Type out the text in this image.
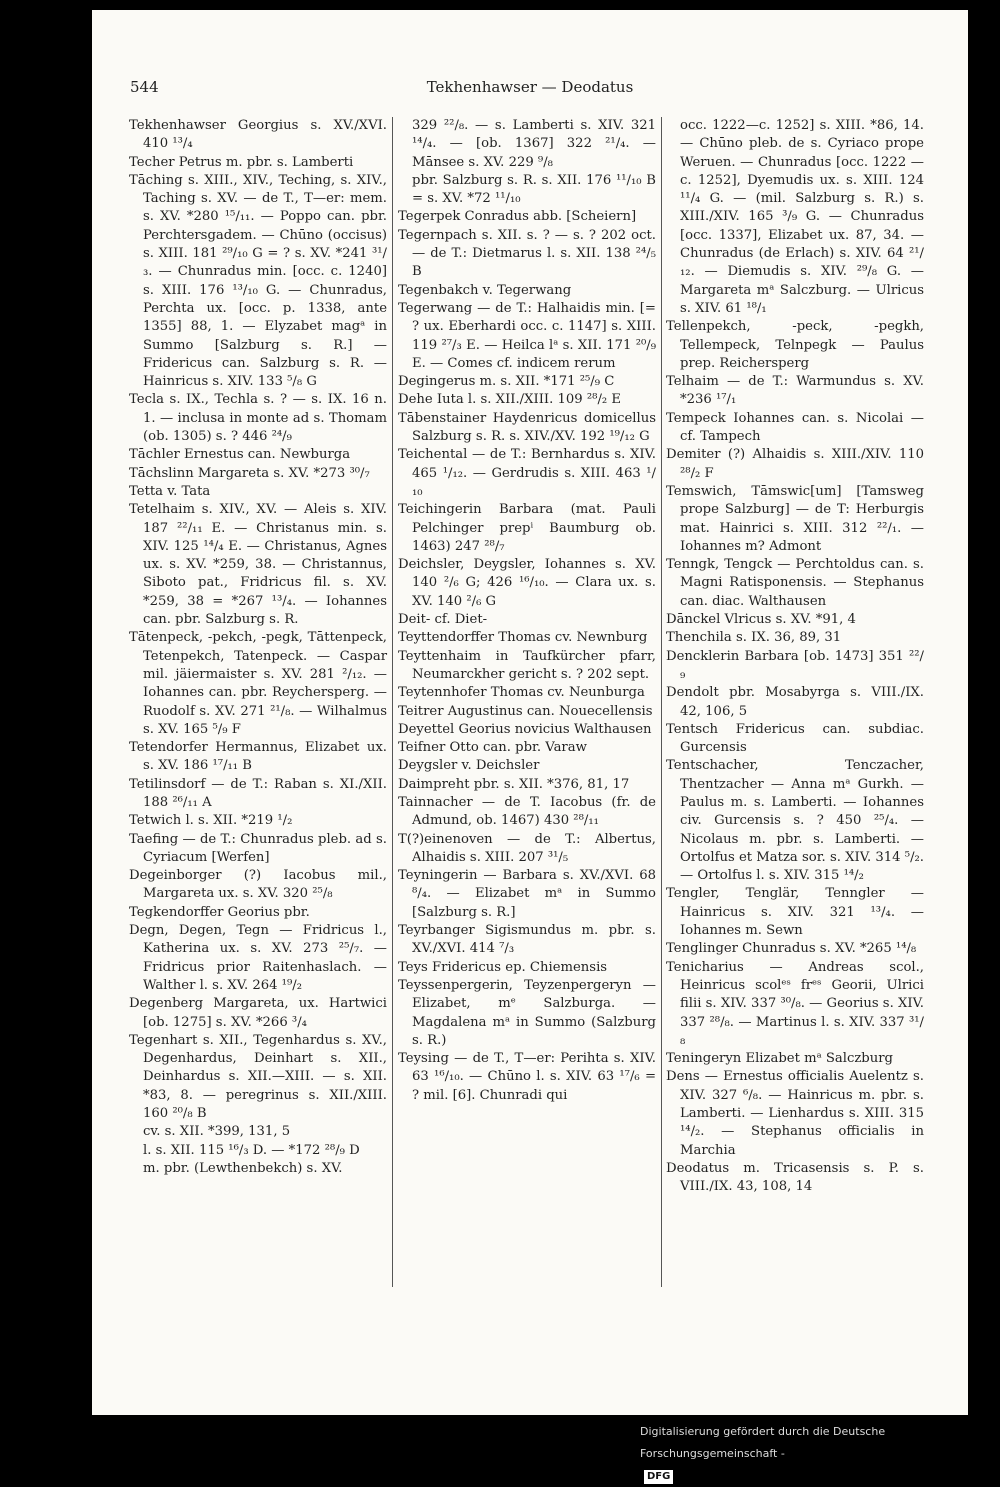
544	Tekhenhawser — Deodatus

Tekhenhawser Georgius s. XV./XVI. 410 ¹³/₄

Techer Petrus m. pbr. s. Lamberti

Tāching s. XIII., XIV., Teching, s. XIV., Taching s. XV. — de T., T—er: mem. s. XV. *280 ¹⁵/₁₁. — Poppo can. pbr. Perchtersgadem. — Chūno (occisus) s. XIII. 181 ²⁹/₁₀ G = ? s. XV. *241 ³¹/₃. — Chunradus min. [occ. c. 1240] s. XIII. 176 ¹³/₁₀ G. — Chunradus, Perchta ux. [occ. p. 1338, ante 1355] 88, 1. — Elyzabet magᵃ in Summo [Salzburg s. R.] — Fridericus can. Salzburg s. R. — Hainricus s. XIV. 133 ⁵/₈ G

Tecla s. IX., Techla s. ? — s. IX. 16 n. 1. — inclusa in monte ad s. Thomam (ob. 1305) s. ? 446 ²⁴/₉

Tāchler Ernestus can. Newburga

Tāchslinn Margareta s. XV. *273 ³⁰/₇

Tetta v. Tata

Tetelhaim s. XIV., XV. — Aleis s. XIV. 187 ²²/₁₁ E. — Christanus min. s. XIV. 125 ¹⁴/₄ E. — Christanus, Agnes ux. s. XV. *259, 38. — Christannus, Siboto pat., Fridricus fil. s. XV. *259, 38 = *267 ¹³/₄. — Iohannes can. pbr. Salzburg s. R.

Tātenpeck, -pekch, -pegk, Tāttenpeck, Tetenpekch, Tatenpeck. — Caspar mil. jäiermaister s. XV. 281 ²/₁₂. — Iohannes can. pbr. Reychersperg. — Ruodolf s. XV. 271 ²¹/₈. — Wilhalmus s. XV. 165 ⁵/₉ F

Tetendorfer Hermannus, Elizabet ux. s. XV. 186 ¹⁷/₁₁ B

Tetilinsdorf — de T.: Raban s. XI./XII. 188 ²⁶/₁₁ A

Tetwich l. s. XII. *219 ¹/₂

Taefing — de T.: Chunradus pleb. ad s. Cyriacum [Werfen]

Degeinborger (?) Iacobus mil., Margareta ux. s. XV. 320 ²⁵/₈

Tegkendorffer Georius pbr.

Degn, Degen, Tegn — Fridricus l., Katherina ux. s. XV. 273 ²⁵/₇. — Fridricus prior Raitenhaslach. — Walther l. s. XV. 264 ¹⁹/₂

Degenberg Margareta, ux. Hartwici [ob. 1275] s. XV. *266 ³/₄

Tegenhart s. XII., Tegenhardus s. XV., Degenhardus, Deinhart s. XII., Deinhardus s. XII.—XIII. — s. XII. *83, 8. — peregrinus s. XII./XIII. 160 ²⁰/₈ B

cv. s. XII. *399, 131, 5

l. s. XII. 115 ¹⁶/₃ D. — *172 ²⁸/₉ D

m. pbr. (Lewthenbekch) s. XV.

329 ²²/₈. — s. Lamberti s. XIV. 321 ¹⁴/₄. — [ob. 1367] 322 ²¹/₄. — Mānsee s. XV. 229 ⁹/₈

pbr. Salzburg s. R. s. XII. 176 ¹¹/₁₀ B = s. XV. *72 ¹¹/₁₀

Tegerpek Conradus abb. [Scheiern]

Tegernpach s. XII. s. ? — s. ? 202 oct. — de T.: Dietmarus l. s. XII. 138 ²⁴/₅ B

Tegenbakch v. Tegerwang

Tegerwang — de T.: Halhaidis min. [= ? ux. Eberhardi occ. c. 1147] s. XIII. 119 ²⁷/₃ E. — Heilca lᵃ s. XII. 171 ²⁰/₉ E. — Comes cf. indicem rerum

Degingerus m. s. XII. *171 ²⁵/₉ C

Dehe Iuta l. s. XII./XIII. 109 ²⁸/₂ E

Tābenstainer Haydenricus domicellus Salzburg s. R. s. XIV./XV. 192 ¹⁹/₁₂ G

Teichental — de T.: Bernhardus s. XIV. 465 ¹/₁₂. — Gerdrudis s. XIII. 463 ¹/₁₀

Teichingerin Barbara (mat. Pauli Pelchinger prepⁱ Baumburg ob. 1463) 247 ²⁸/₇

Deichsler, Deygsler, Iohannes s. XV. 140 ²/₆ G; 426 ¹⁶/₁₀. — Clara ux. s. XV. 140 ²/₆ G

Deit- cf. Diet-

Teyttendorffer Thomas cv. Newnburg

Teyttenhaim in Taufkürcher pfarr, Neumarckher gericht s. ? 202 sept.

Teytennhofer Thomas cv. Neunburga

Teitrer Augustinus can. Nouecellensis

Deyettel Georius novicius Walthausen

Teifner Otto can. pbr. Varaw

Deygsler v. Deichsler

Daimpreht pbr. s. XII. *376, 81, 17

Tainnacher — de T. Iacobus (fr. de Admund, ob. 1467) 430 ²⁸/₁₁

T(?)einenoven — de T.: Albertus, Alhaidis s. XIII. 207 ³¹/₅

Teyningerin — Barbara s. XV./XVI. 68 ⁸/₄. — Elizabet mᵃ in Summo [Salzburg s. R.]

Teyrbanger Sigismundus m. pbr. s. XV./XVI. 414 ⁷/₃

Teys Fridericus ep. Chiemensis

Teyssenpergerin, Teyzenpergeryn — Elizabet, mᵉ Salzburga. — Magdalena mᵃ in Summo (Salzburg s. R.)

Teysing — de T., T—er: Perihta s. XIV. 63 ¹⁶/₁₀. — Chūno l. s. XIV. 63 ¹⁷/₆ = ? mil. [6]. Chunradi qui

occ. 1222—c. 1252] s. XIII. *86, 14. — Chūno pleb. de s. Cyriaco prope Weruen. — Chunradus [occ. 1222 — c. 1252], Dyemudis ux. s. XIII. 124 ¹¹/₄ G. — (mil. Salzburg s. R.) s. XIII./XIV. 165 ³/₉ G. — Chunradus [occ. 1337], Elizabet ux. 87, 34. — Chunradus (de Erlach) s. XIV. 64 ²¹/₁₂. — Diemudis s. XIV. ²⁹/₈ G. — Margareta mᵃ Salczburg. — Ulricus s. XIV. 61 ¹⁸/₁

Tellenpekch, -peck, -pegkh, Tellempeck, Telnpegk — Paulus prep. Reichersperg

Telhaim — de T.: Warmundus s. XV. *236 ¹⁷/₁

Tempeck Iohannes can. s. Nicolai — cf. Tampech

Demiter (?) Alhaidis s. XIII./XIV. 110 ²⁸/₂ F

Temswich, Tāmswic[um] [Tamsweg prope Salzburg] — de T: Herburgis mat. Hainrici s. XIII. 312 ²²/₁. — Iohannes m? Admont

Tenngk, Tengck — Perchtoldus can. s. Magni Ratisponensis. — Stephanus can. diac. Walthausen

Dānckel Vlricus s. XV. *91, 4

Thenchila s. IX. 36, 89, 31

Dencklerin Barbara [ob. 1473] 351 ²²/₉

Dendolt pbr. Mosabyrga s. VIII./IX. 42, 106, 5

Tentsch Fridericus can. subdiac. Gurcensis

Tentschacher, Tenczacher, Thentzacher — Anna mᵃ Gurkh. — Paulus m. s. Lamberti. — Iohannes civ. Gurcensis s. ? 450 ²⁵/₄. — Nicolaus m. pbr. s. Lamberti. — Ortolfus et Matza sor. s. XIV. 314 ⁵/₂. — Ortolfus l. s. XIV. 315 ¹⁴/₂

Tengler, Tenglär, Tenngler — Hainricus s. XIV. 321 ¹³/₄. — Iohannes m. Sewn

Tenglinger Chunradus s. XV. *265 ¹⁴/₈

Tenicharius — Andreas scol., Heinricus scolᵉˢ frᵉˢ Georii, Ulrici filii s. XIV. 337 ³⁰/₈. — Georius s. XIV. 337 ²⁸/₈. — Martinus l. s. XIV. 337 ³¹/₈

Teningeryn Elizabet mᵃ Salczburg

Dens — Ernestus officialis Auelentz s. XIV. 327 ⁶/₈. — Hainricus m. pbr. s. Lamberti. — Lienhardus s. XIII. 315 ¹⁴/₂. — Stephanus officialis in Marchia

Deodatus m. Tricasensis s. P. s. VIII./IX. 43, 108, 14

Digitalisierung gefördert durch die Deutsche Forschungsgemeinschaft - DFG
